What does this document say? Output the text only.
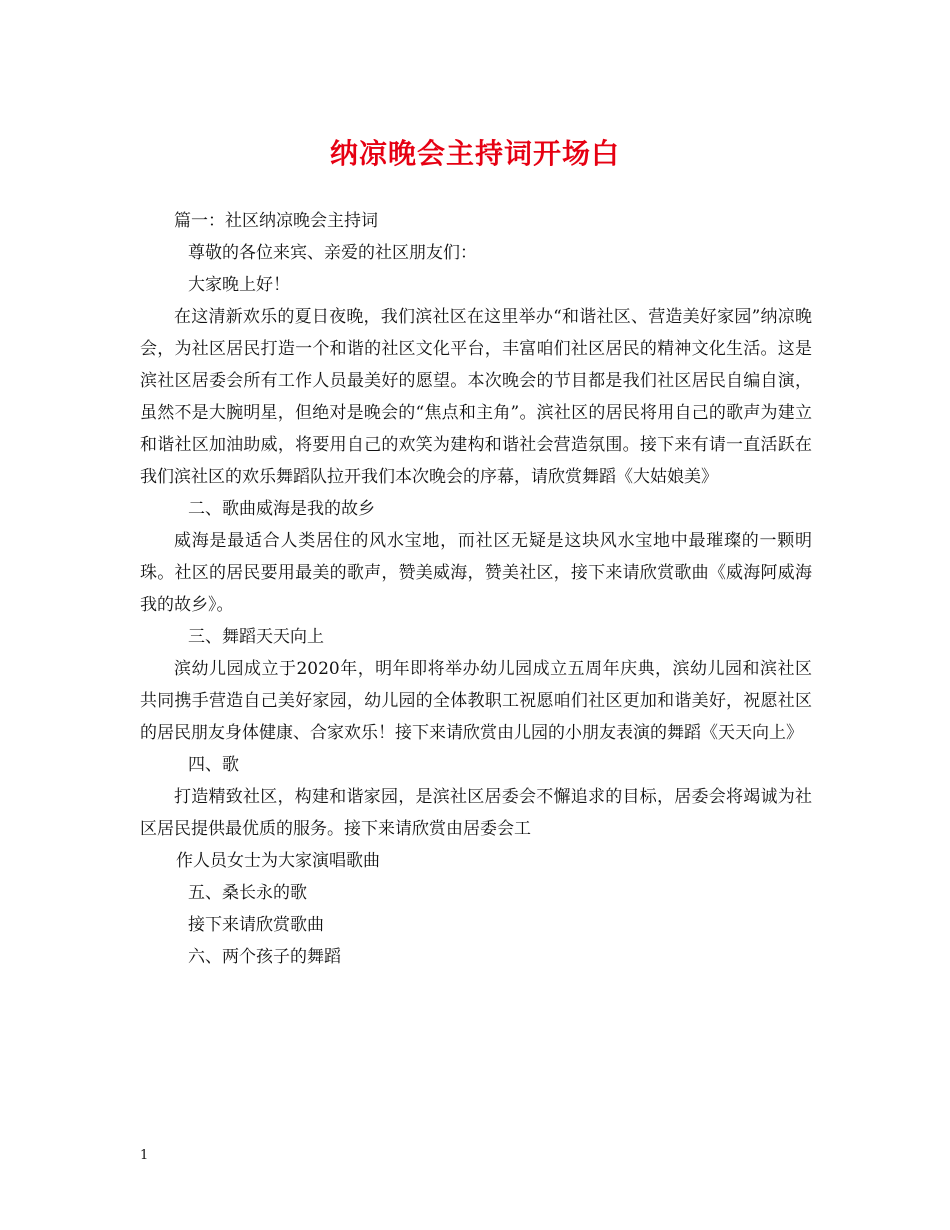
纳凉晚会主持词开场白
篇一：社区纳凉晚会主持词
尊敬的各位来宾、亲爱的社区朋友们：
大家晚上好！

在这清新欢乐的夏日夜晚，我们滨社区在这里举办“和谐社区、营造美好家园”纳凉晚会，为社区居民打造一个和谐的社区文化平台，丰富咱们社区居民的精神文化生活。这是滨社区居委会所有工作人员最美好的愿望。本次晚会的节目都是我们社区居民自编自演，虽然不是大腕明星，但绝对是晚会的“焦点和主角”。滨社区的居民将用自己的歌声为建立和谐社区加油助威，将要用自己的欢笑为建构和谐社会营造氛围。接下来有请一直活跃在我们滨社区的欢乐舞蹈队拉开我们本次晚会的序幕，请欣赏舞蹈《大姑娘美》

二、歌曲威海是我的故乡

威海是最适合人类居住的风水宝地，而社区无疑是这块风水宝地中最璀璨的一颗明珠。社区的居民要用最美的歌声，赞美威海，赞美社区，接下来请欣赏歌曲《威海阿威海我的故乡》。

三、舞蹈天天向上

滨幼儿园成立于2020年，明年即将举办幼儿园成立五周年庆典，滨幼儿园和滨社区共同携手营造自己美好家园，幼儿园的全体教职工祝愿咱们社区更加和谐美好，祝愿社区的居民朋友身体健康、合家欢乐！接下来请欣赏由儿园的小朋友表演的舞蹈《天天向上》

四、歌

打造精致社区，构建和谐家园，是滨社区居委会不懈追求的目标，居委会将竭诚为社区居民提供最优质的服务。接下来请欣赏由居委会工

作人员女士为大家演唱歌曲
五、桑长永的歌
接下来请欣赏歌曲
六、两个孩子的舞蹈
1
